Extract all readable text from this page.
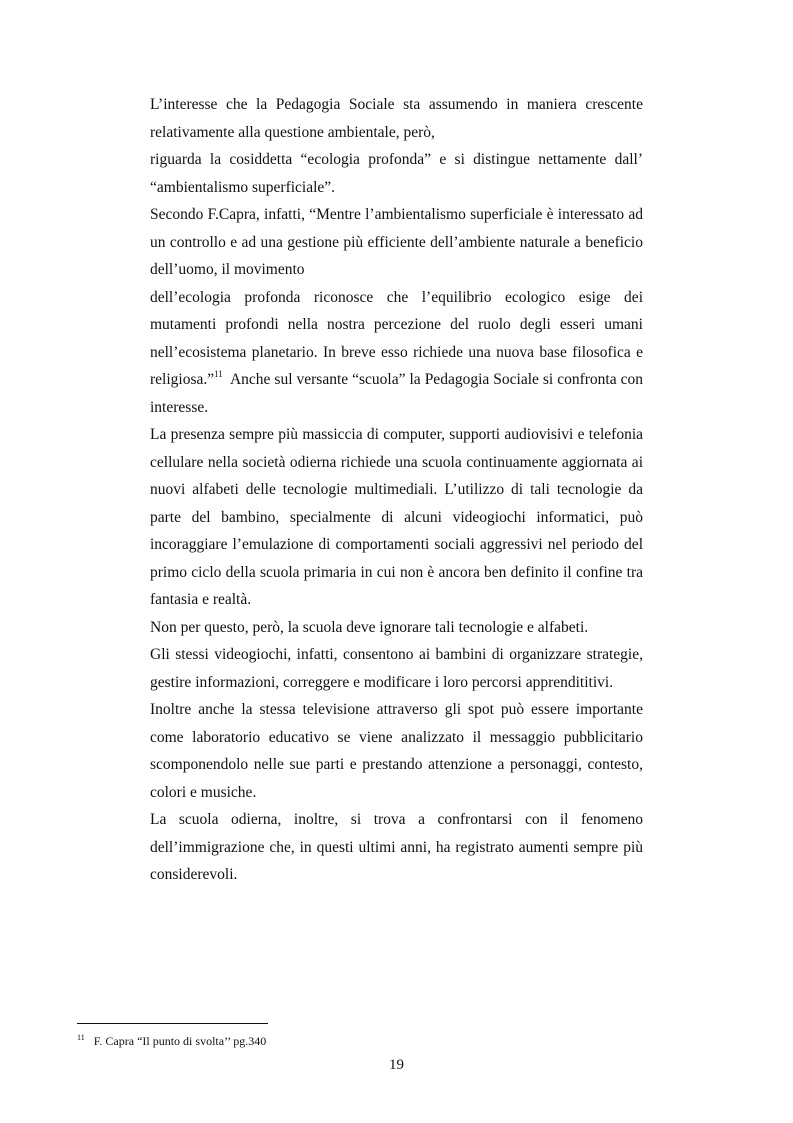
L’interesse che la Pedagogia Sociale sta assumendo in maniera crescente relativamente alla questione ambientale, però,

riguarda la cosiddetta “ecologia profonda” e si distingue nettamente dall’ “ambientalismo superficiale”.

Secondo F.Capra, infatti, “Mentre l’ambientalismo superficiale è interessato ad un controllo e ad una gestione più efficiente dell’ambiente naturale a beneficio dell’uomo, il movimento

dell’ecologia profonda riconosce che l’equilibrio ecologico esige dei mutamenti profondi nella nostra percezione del ruolo degli esseri umani nell’ecosistema planetario. In breve esso richiede una nuova base filosofica e religiosa.”$^{11}$  Anche sul versante “scuola” la Pedagogia Sociale si confronta con interesse.

La presenza sempre più massiccia di computer, supporti audiovisivi e telefonia cellulare nella società odierna richiede una scuola continuamente aggiornata ai nuovi alfabeti delle tecnologie multimediali. L’utilizzo di tali tecnologie da parte del bambino, specialmente di alcuni videogiochi informatici, può incoraggiare l’emulazione di comportamenti sociali aggressivi nel periodo del primo ciclo della scuola primaria in cui non è ancora ben definito il confine tra fantasia e realtà.

Non per questo, però, la scuola deve ignorare tali tecnologie e alfabeti.

Gli stessi videogiochi, infatti, consentono ai bambini di organizzare strategie, gestire informazioni, correggere e modificare i loro percorsi apprendititivi.

Inoltre anche la stessa televisione attraverso gli spot può essere importante come laboratorio educativo se viene analizzato il messaggio pubblicitario scomponendolo nelle sue parti e prestando attenzione a personaggi, contesto, colori e musiche.

La scuola odierna, inoltre, si trova a confrontarsi con il fenomeno dell’immigrazione che, in questi ultimi anni, ha registrato aumenti sempre più considerevoli.

$^{11}$ F. Capra “Il punto di svolta’’ pg.340
19
